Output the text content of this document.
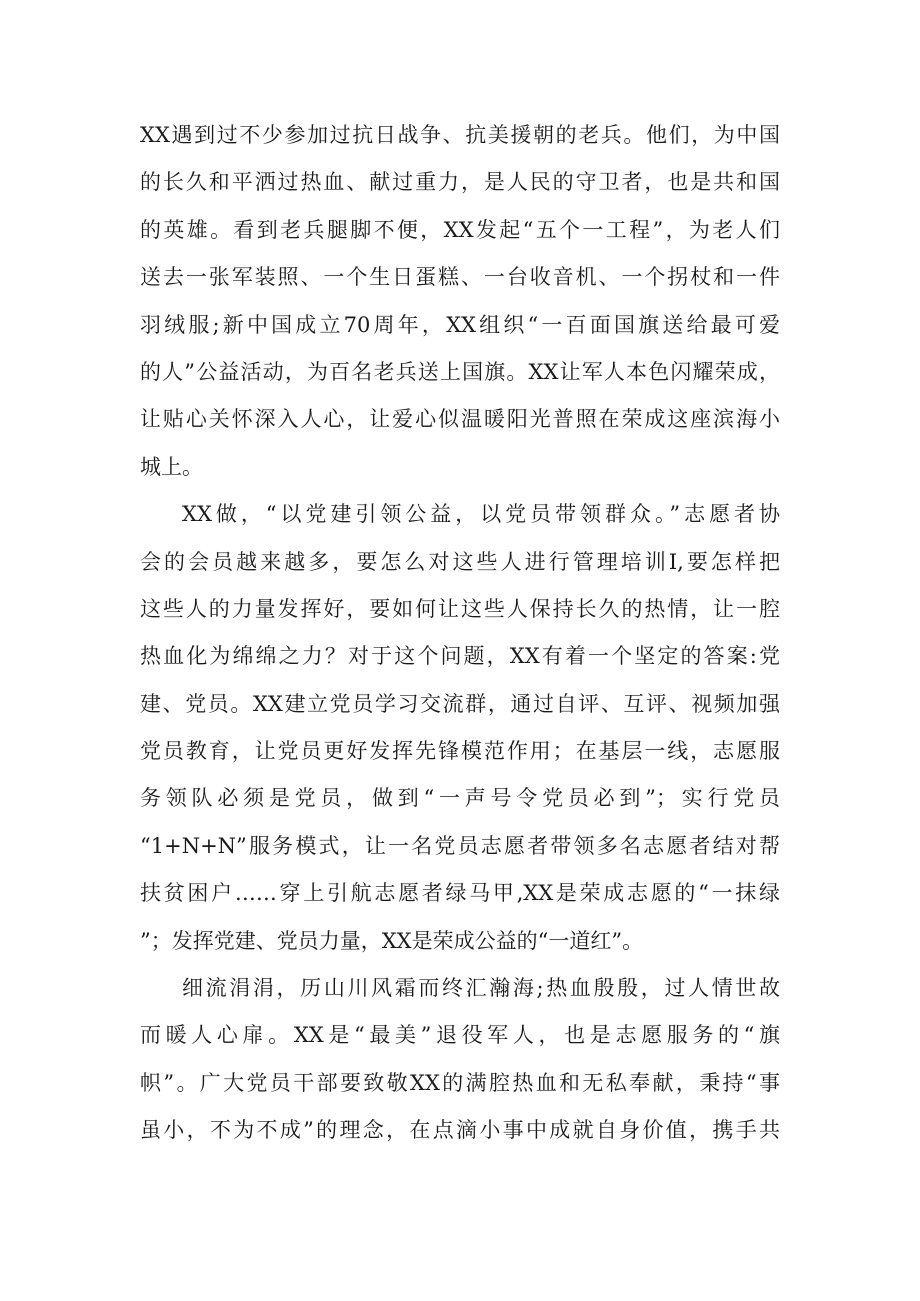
XX遇到过不少参加过抗日战争、抗美援朝的老兵。他们，为中国
的长久和平洒过热血、献过重力，是人民的守卫者，也是共和国
的英雄。看到老兵腿脚不便，XX发起“五个一工程”，为老人们
送去一张军装照、一个生日蛋糕、一台收音机、一个拐杖和一件
羽绒服;新中国成立70周年，XX组织“一百面国旗送给最可爱
的人”公益活动，为百名老兵送上国旗。XX让军人本色闪耀荣成，
让贴心关怀深入人心，让爱心似温暖阳光普照在荣成这座滨海小
城上。
XX做，“以党建引领公益，以党员带领群众。”志愿者协
会的会员越来越多，要怎么对这些人进行管理培训I,要怎样把
这些人的力量发挥好，要如何让这些人保持长久的热情，让一腔
热血化为绵绵之力？对于这个问题，XX有着一个坚定的答案:党
建、党员。XX建立党员学习交流群，通过自评、互评、视频加强
党员教育，让党员更好发挥先锋模范作用；在基层一线，志愿服
务领队必须是党员，做到“一声号令党员必到”；实行党员
“1+N+N”服务模式，让一名党员志愿者带领多名志愿者结对帮
扶贫困户……穿上引航志愿者绿马甲,XX是荣成志愿的“一抹绿
”；发挥党建、党员力量，XX是荣成公益的“一道红”。
细流涓涓，历山川风霜而终汇瀚海;热血殷殷，过人情世故
而暖人心扉。XX是“最美”退役军人，也是志愿服务的“旗
帜”。广大党员干部要致敬XX的满腔热血和无私奉献，秉持“事
虽小，不为不成”的理念，在点滴小事中成就自身价值，携手共
